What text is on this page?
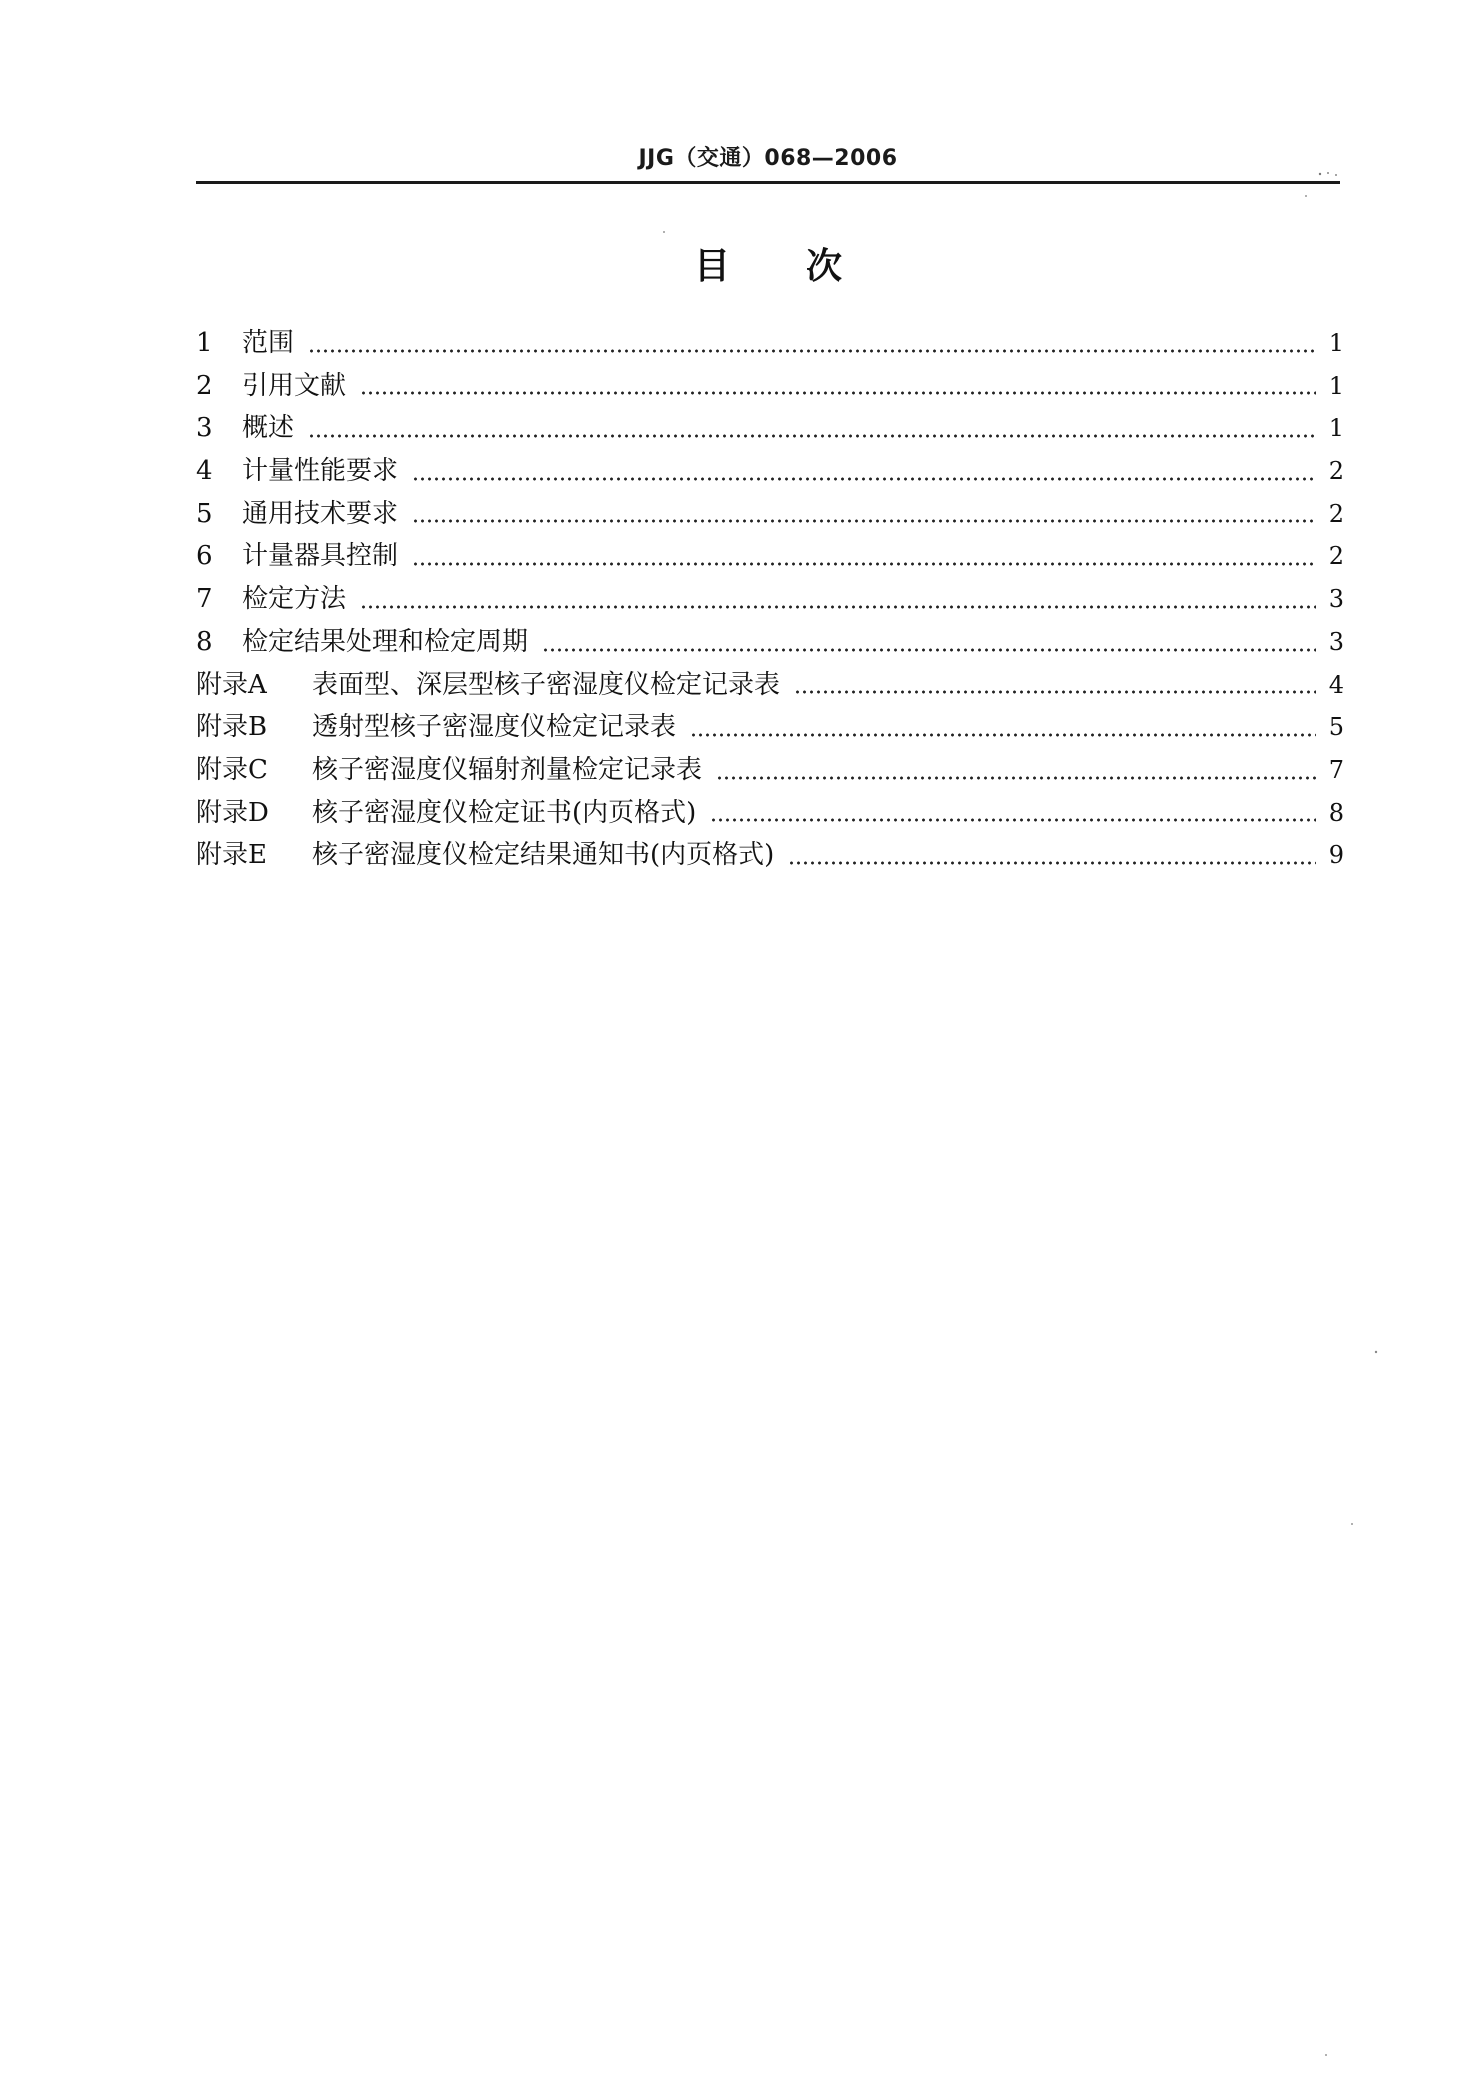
JJG（交通）068—2006
目次
1	范围	1
2	引用文献	1
3	概述	1
4	计量性能要求	2
5	通用技术要求	2
6	计量器具控制	2
7	检定方法	3
8	检定结果处理和检定周期	3
附录A	表面型、深层型核子密湿度仪检定记录表	4
附录B	透射型核子密湿度仪检定记录表	5
附录C	核子密湿度仪辐射剂量检定记录表	7
附录D	核子密湿度仪检定证书(内页格式)	8
附录E	核子密湿度仪检定结果通知书(内页格式)	9
